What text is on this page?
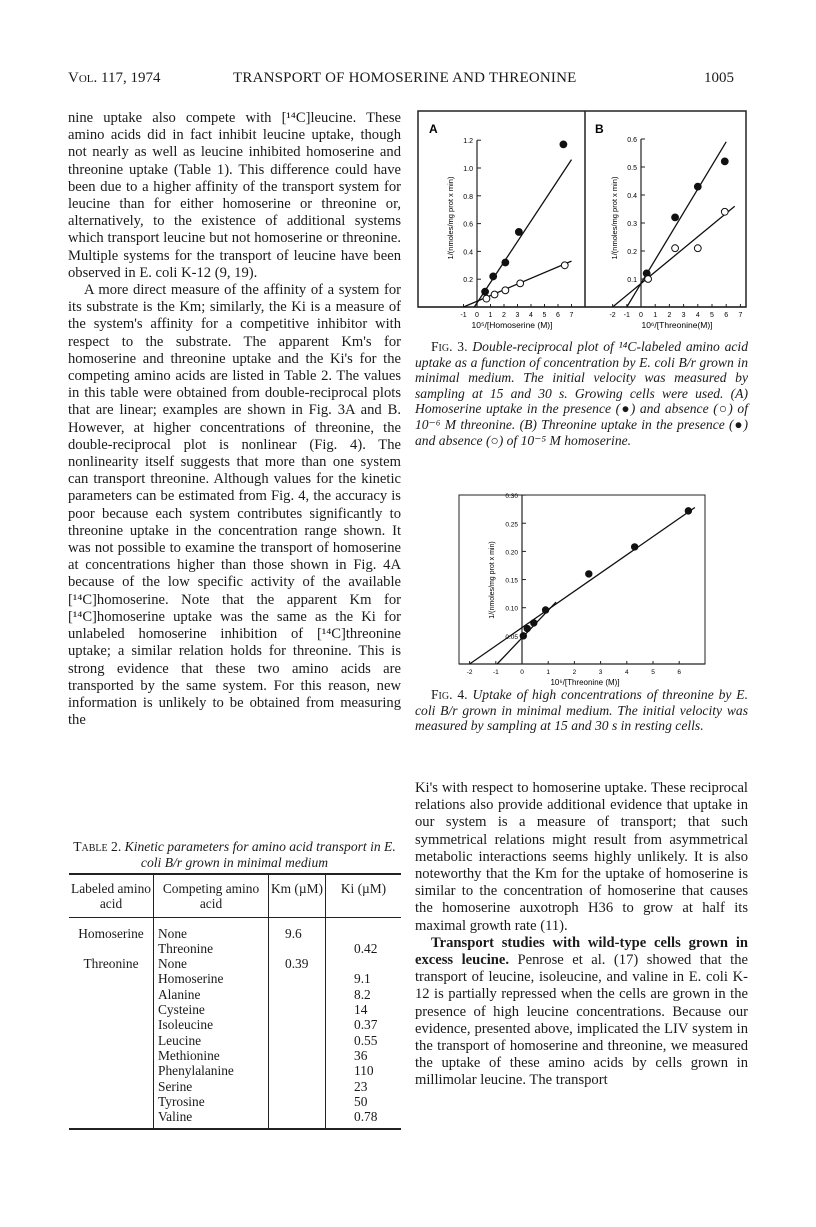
Vol. 117, 1974	TRANSPORT OF HOMOSERINE AND THREONINE	1005

nine uptake also compete with [¹⁴C]leucine. These amino acids did in fact inhibit leucine uptake, though not nearly as well as leucine inhibited homoserine and threonine uptake (Table 1). This difference could have been due to a higher affinity of the transport system for leucine than for either homoserine or threonine or, alternatively, to the existence of additional systems which transport leucine but not homoserine or threonine. Multiple systems for the transport of leucine have been observed in E. coli K-12 (9, 19).

A more direct measure of the affinity of a system for its substrate is the Km; similarly, the Ki is a measure of the system's affinity for a competitive inhibitor with respect to the substrate. The apparent Km's for homoserine and threonine uptake and the Ki's for the competing amino acids are listed in Table 2. The values in this table were obtained from double-reciprocal plots that are linear; examples are shown in Fig. 3A and B. However, at higher concentrations of threonine, the double-reciprocal plot is nonlinear (Fig. 4). The nonlinearity itself suggests that more than one system can transport threonine. Although values for the kinetic parameters can be estimated from Fig. 4, the accuracy is poor because each system contributes significantly to threonine uptake in the concentration range shown. It was not possible to examine the transport of homoserine at concentrations higher than those shown in Fig. 4A because of the low specific activity of the available [¹⁴C]homoserine. Note that the apparent Km for [¹⁴C]homoserine uptake was the same as the Ki for unlabeled homoserine inhibition of [¹⁴C]threonine uptake; a similar relation holds for threonine. This is strong evidence that these two amino acids are transported by the same system. For this reason, new information is unlikely to be obtained from measuring the

Table 2. Kinetic parameters for amino acid transport in E. coli B/r grown in minimal medium
Labeled amino acid	Competing amino acid	Km (µM)	Ki (µM)
Homoserine	None	9.6	
	Threonine		0.42
Threonine	None	0.39	
	Homoserine		9.1
	Alanine		8.2
	Cysteine		14
	Isoleucine		0.37
	Leucine		0.55
	Methionine		36
	Phenylalanine		110
	Serine		23
	Tyrosine		50
	Valine		0.78
A	B
0.2
0.4
0.6
0.8
1.0
1.2
-1 0 1 2 3 4 5 6 7
10⁵/[Homoserine (M)]
1/(nmoles/mg prot x min)
0.1
0.2
0.3
0.4
0.5
0.6
-2 -1 0 1 2 3 4 5 6 7
10⁶/[Threonine(M)]
1/(nmoles/mg prot x min)
Fig. 3. Double-reciprocal plot of ¹⁴C-labeled amino acid uptake as a function of concentration by E. coli B/r grown in minimal medium. The initial velocity was measured by sampling at 15 and 30 s. Growing cells were used. (A) Homoserine uptake in the presence (●) and absence (○) of 10⁻⁶ M threonine. (B) Threonine uptake in the presence (●) and absence (○) of 10⁻⁵ M homoserine.
0.05
0.10
0.15
0.20
0.25
0.30
-2	-1	0	1	2	3	4	5	6
10⁶/[Threonine (M)]
1/(nmoles/mg prot x min)
Fig. 4. Uptake of high concentrations of threonine by E. coli B/r grown in minimal medium. The initial velocity was measured by sampling at 15 and 30 s in resting cells.

Ki's with respect to homoserine uptake. These reciprocal relations also provide additional evidence that uptake in our system is a measure of transport; that such symmetrical relations might result from asymmetrical metabolic interactions seems highly unlikely. It is also noteworthy that the Km for the uptake of homoserine is similar to the concentration of homoserine that causes the homoserine auxotroph H36 to grow at half its maximal growth rate (11).

Transport studies with wild-type cells grown in excess leucine. Penrose et al. (17) showed that the transport of leucine, isoleucine, and valine in E. coli K-12 is partially repressed when the cells are grown in the presence of high leucine concentrations. Because our evidence, presented above, implicated the LIV system in the transport of homoserine and threonine, we measured the uptake of these amino acids by cells grown in millimolar leucine. The transport
